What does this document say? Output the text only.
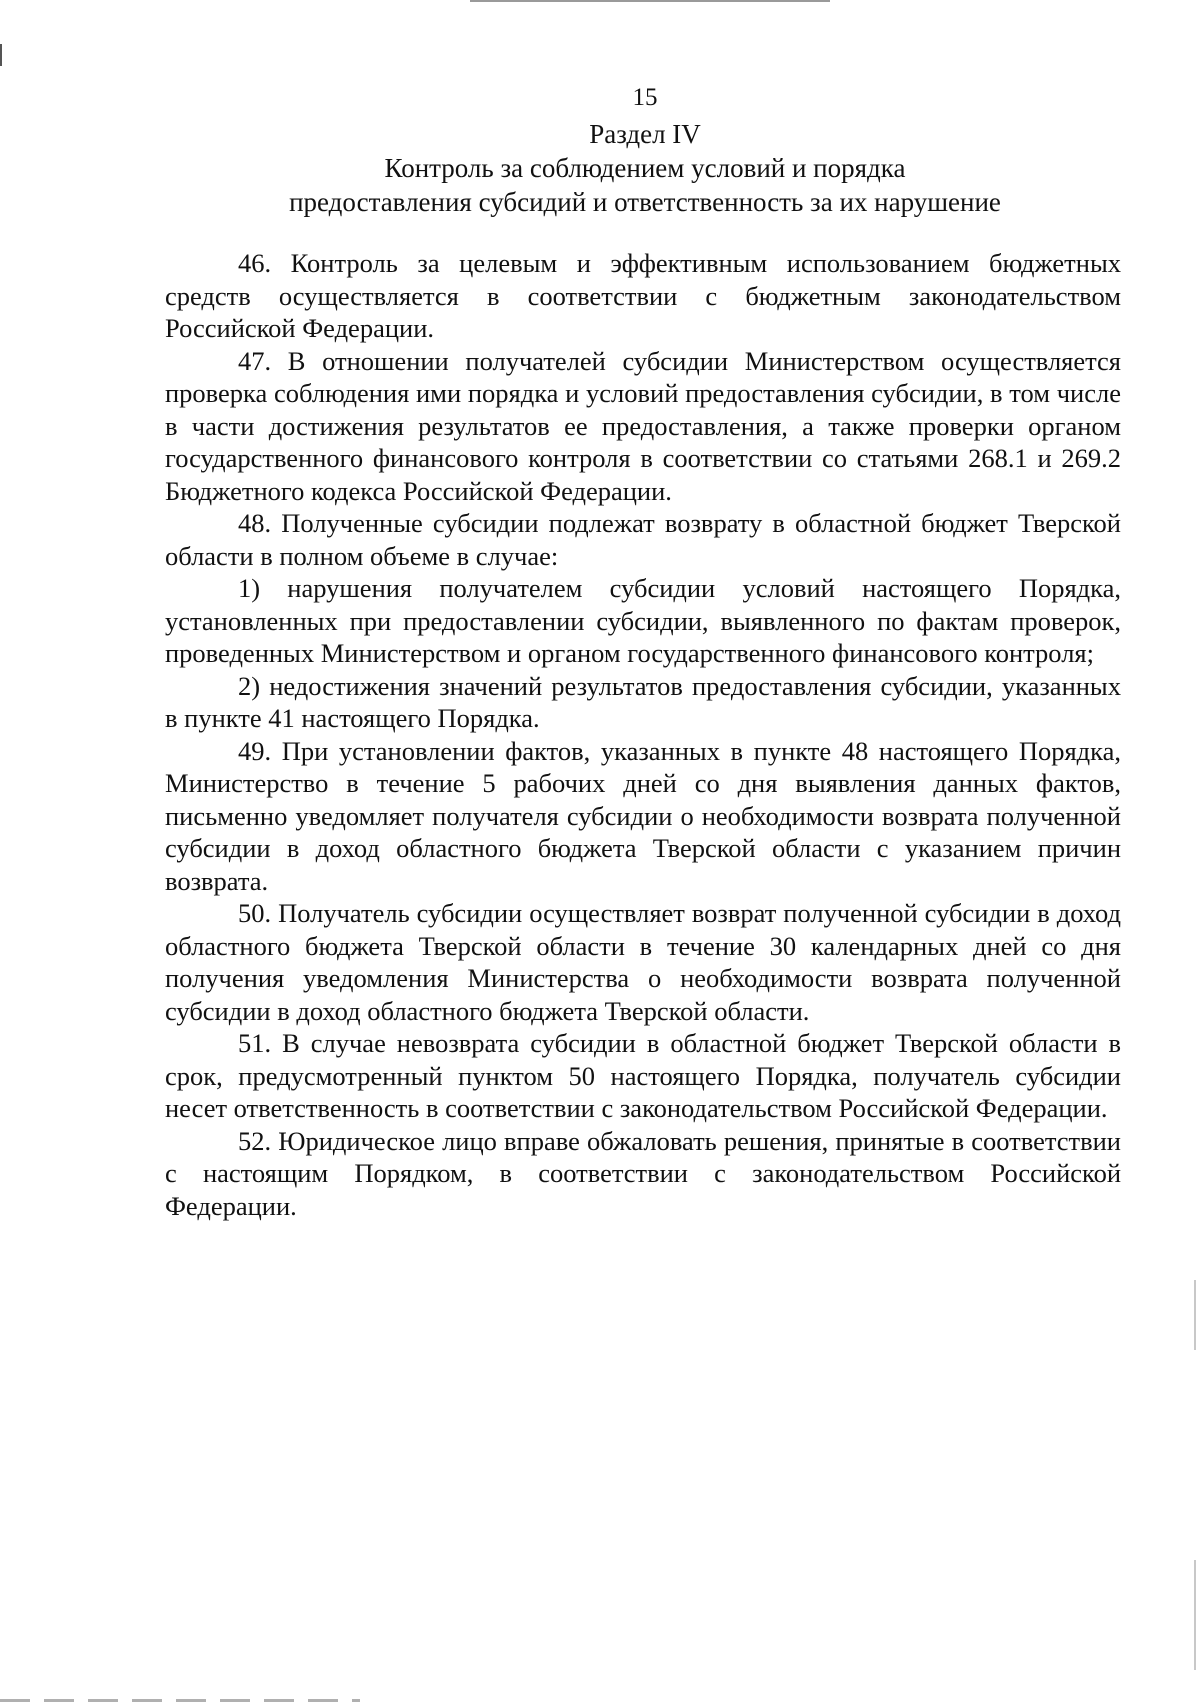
15
Раздел IV
Контроль за соблюдением условий и порядка
предоставления субсидий и ответственность за их нарушение

46. Контроль за целевым и эффективным использованием бюджетных средств осуществляется в соответствии с бюджетным законодательством Российской Федерации.

47. В отношении получателей субсидии Министерством осуществляется проверка соблюдения ими порядка и условий предоставления субсидии, в том числе в части достижения результатов ее предоставления, а также проверки органом государственного финансового контроля в соответствии со статьями 268.1 и 269.2 Бюджетного кодекса Российской Федерации.

48. Полученные субсидии подлежат возврату в областной бюджет Тверской области в полном объеме в случае:

1) нарушения получателем субсидии условий настоящего Порядка, установленных при предоставлении субсидии, выявленного по фактам проверок, проведенных Министерством и органом государственного финансового контроля;

2) недостижения значений результатов предоставления субсидии, указанных в пункте 41 настоящего Порядка.

49. При установлении фактов, указанных в пункте 48 настоящего Порядка, Министерство в течение 5 рабочих дней со дня выявления данных фактов, письменно уведомляет получателя субсидии о необходимости возврата полученной субсидии в доход областного бюджета Тверской области с указанием причин возврата.

50. Получатель субсидии осуществляет возврат полученной субсидии в доход областного бюджета Тверской области в течение 30 календарных дней со дня получения уведомления Министерства о необходимости возврата полученной субсидии в доход областного бюджета Тверской области.

51. В случае невозврата субсидии в областной бюджет Тверской области в срок, предусмотренный пунктом 50 настоящего Порядка, получатель субсидии несет ответственность в соответствии с законодательством Российской Федерации.

52. Юридическое лицо вправе обжаловать решения, принятые в соответствии с настоящим Порядком, в соответствии с законодательством Российской Федерации.
